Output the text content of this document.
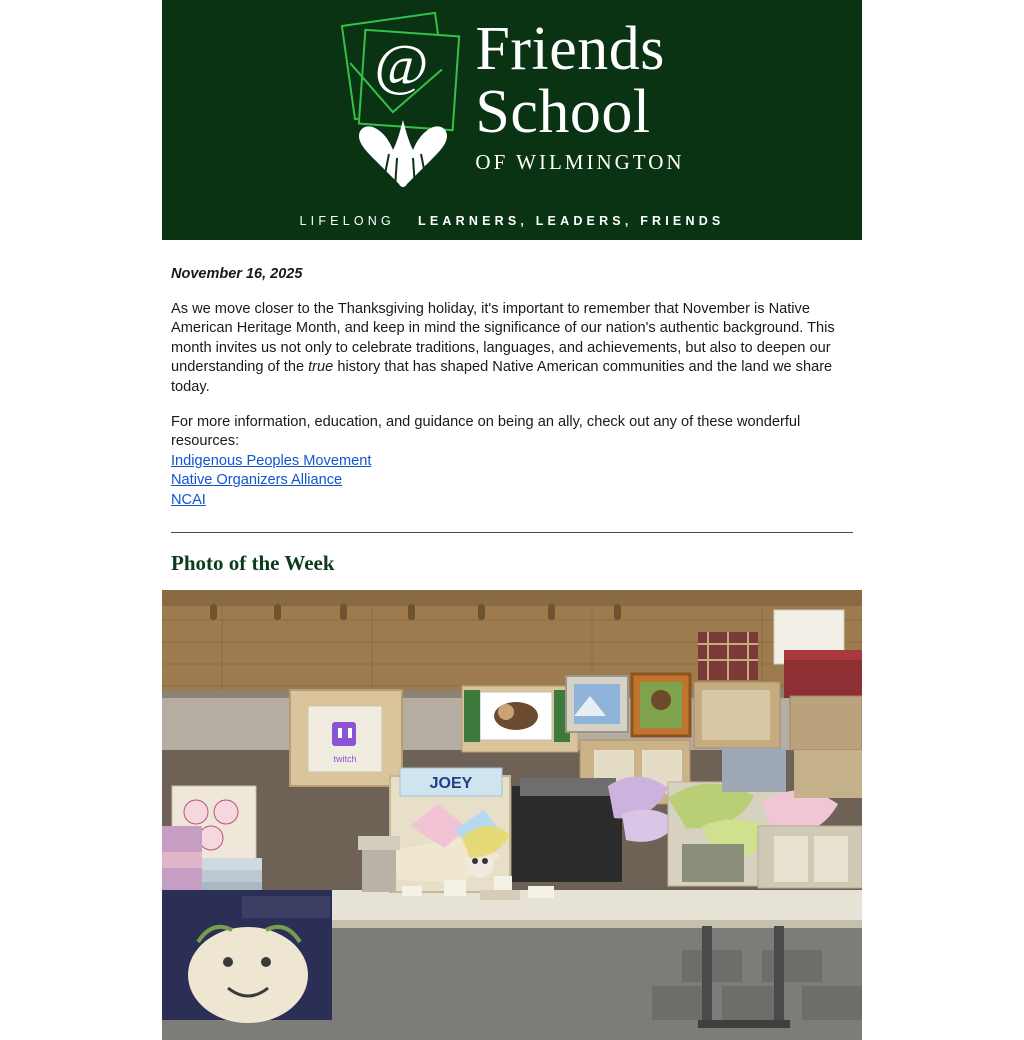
@ Friends
School
OF WILMINGTON
LIFELONG LEARNERS, LEADERS, FRIENDS
November 16, 2025

As we move closer to the Thanksgiving holiday, it's important to remember that November is Native American Heritage Month, and keep in mind the significance of our nation's authentic background. This month invites us not only to celebrate traditions, languages, and achievements, but also to deepen our understanding of the true history that has shaped Native American communities and the land we share today.

For more information, education, and guidance on being an ally, check out any of these wonderful resources:

Indigenous Peoples Movement
Native Organizers Alliance
NCAI
Photo of the Week
twitch
JOEY
